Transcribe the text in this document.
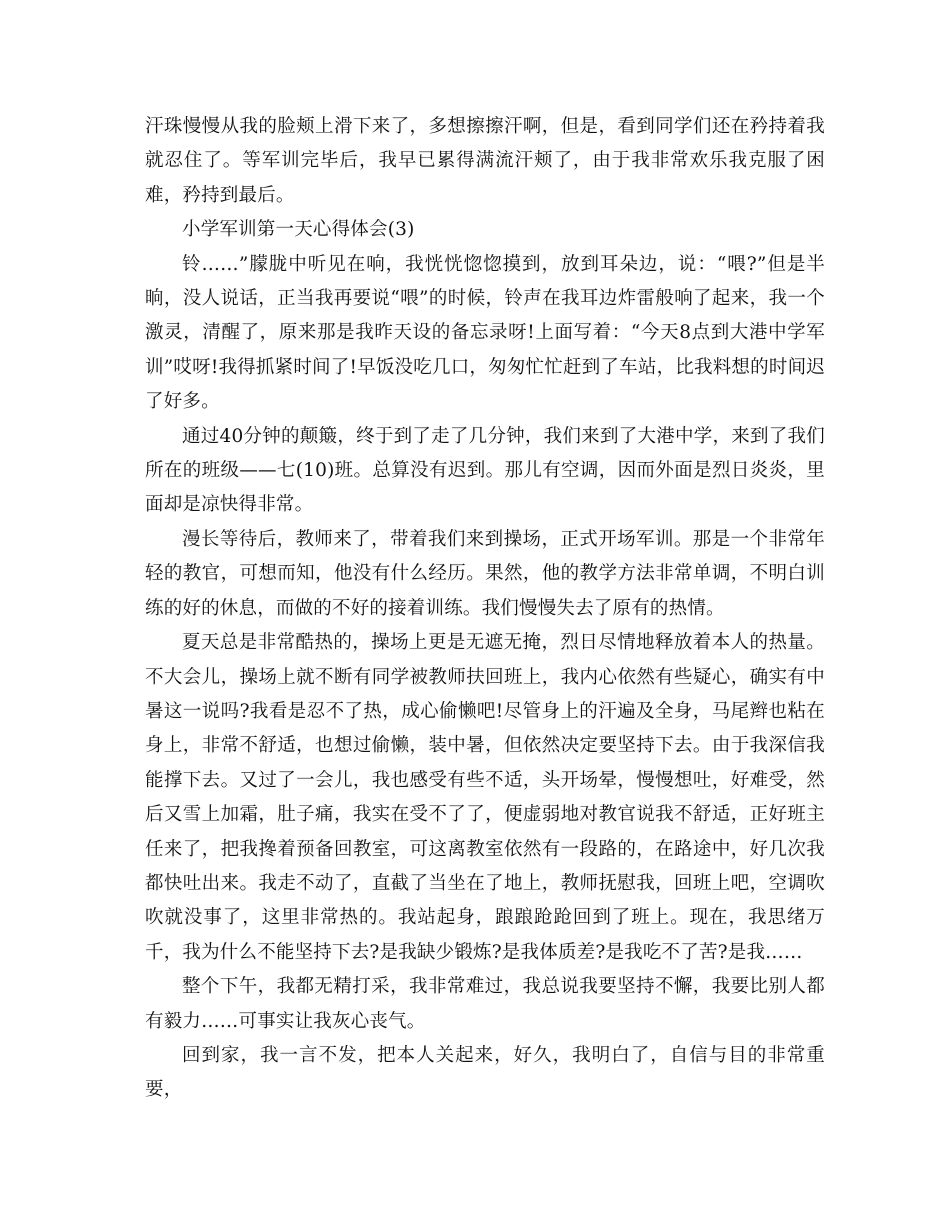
汗珠慢慢从我的脸颊上滑下来了，多想擦擦汗啊，但是，看到同学们还在矜持着我就忍住了。等军训完毕后，我早已累得满流汗颊了，由于我非常欢乐我克服了困难，矜持到最后。

小学军训第一天心得体会(3)

铃……”朦胧中听见在响，我恍恍惚惚摸到，放到耳朵边，说：“喂?”但是半晌，没人说话，正当我再要说“喂”的时候，铃声在我耳边炸雷般响了起来，我一个激灵，清醒了，原来那是我昨天设的备忘录呀!上面写着：“今天8点到大港中学军训”哎呀!我得抓紧时间了!早饭没吃几口，匆匆忙忙赶到了车站，比我料想的时间迟了好多。

通过40分钟的颠簸，终于到了走了几分钟，我们来到了大港中学，来到了我们所在的班级——七(10)班。总算没有迟到。那儿有空调，因而外面是烈日炎炎，里面却是凉快得非常。

漫长等待后，教师来了，带着我们来到操场，正式开场军训。那是一个非常年轻的教官，可想而知，他没有什么经历。果然，他的教学方法非常单调，不明白训练的好的休息，而做的不好的接着训练。我们慢慢失去了原有的热情。

夏天总是非常酷热的，操场上更是无遮无掩，烈日尽情地释放着本人的热量。不大会儿，操场上就不断有同学被教师扶回班上，我内心依然有些疑心，确实有中暑这一说吗?我看是忍不了热，成心偷懒吧!尽管身上的汗遍及全身，马尾辫也粘在身上，非常不舒适，也想过偷懒，装中暑，但依然决定要坚持下去。由于我深信我能撑下去。又过了一会儿，我也感受有些不适，头开场晕，慢慢想吐，好难受，然后又雪上加霜，肚子痛，我实在受不了了，便虚弱地对教官说我不舒适，正好班主任来了，把我搀着预备回教室，可这离教室依然有一段路的，在路途中，好几次我都快吐出来。我走不动了，直截了当坐在了地上，教师抚慰我，回班上吧，空调吹吹就没事了，这里非常热的。我站起身，踉踉跄跄回到了班上。现在，我思绪万千，我为什么不能坚持下去?是我缺少锻炼?是我体质差?是我吃不了苦?是我……

整个下午，我都无精打采，我非常难过，我总说我要坚持不懈，我要比别人都有毅力……可事实让我灰心丧气。

回到家，我一言不发，把本人关起来，好久，我明白了，自信与目的非常重要，
